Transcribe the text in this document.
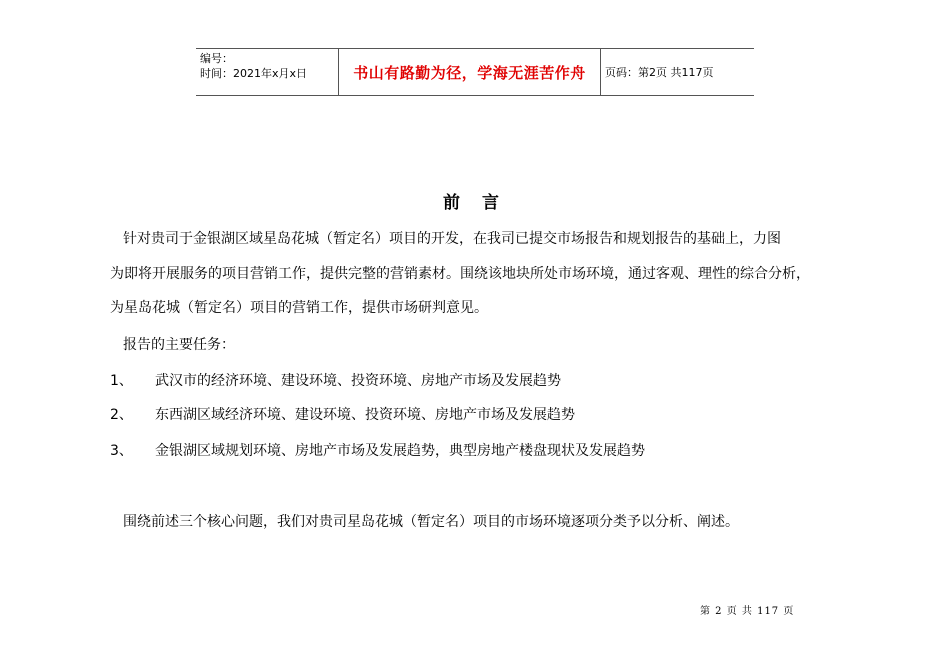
编号：
时间：2021年x月x日	书山有路勤为径，学海无涯苦作舟	页码：第2页 共117页
前 言
针对贵司于金银湖区域星岛花城（暂定名）项目的开发，在我司已提交市场报告和规划报告的基础上，力图
为即将开展服务的项目营销工作，提供完整的营销素材。围绕该地块所处市场环境，通过客观、理性的综合分析，
为星岛花城（暂定名）项目的营销工作，提供市场研判意见。
报告的主要任务：
1、 武汉市的经济环境、建设环境、投资环境、房地产市场及发展趋势
2、 东西湖区域经济环境、建设环境、投资环境、房地产市场及发展趋势
3、 金银湖区域规划环境、房地产市场及发展趋势，典型房地产楼盘现状及发展趋势
围绕前述三个核心问题，我们对贵司星岛花城（暂定名）项目的市场环境逐项分类予以分析、阐述。
第 2 页 共 117 页
